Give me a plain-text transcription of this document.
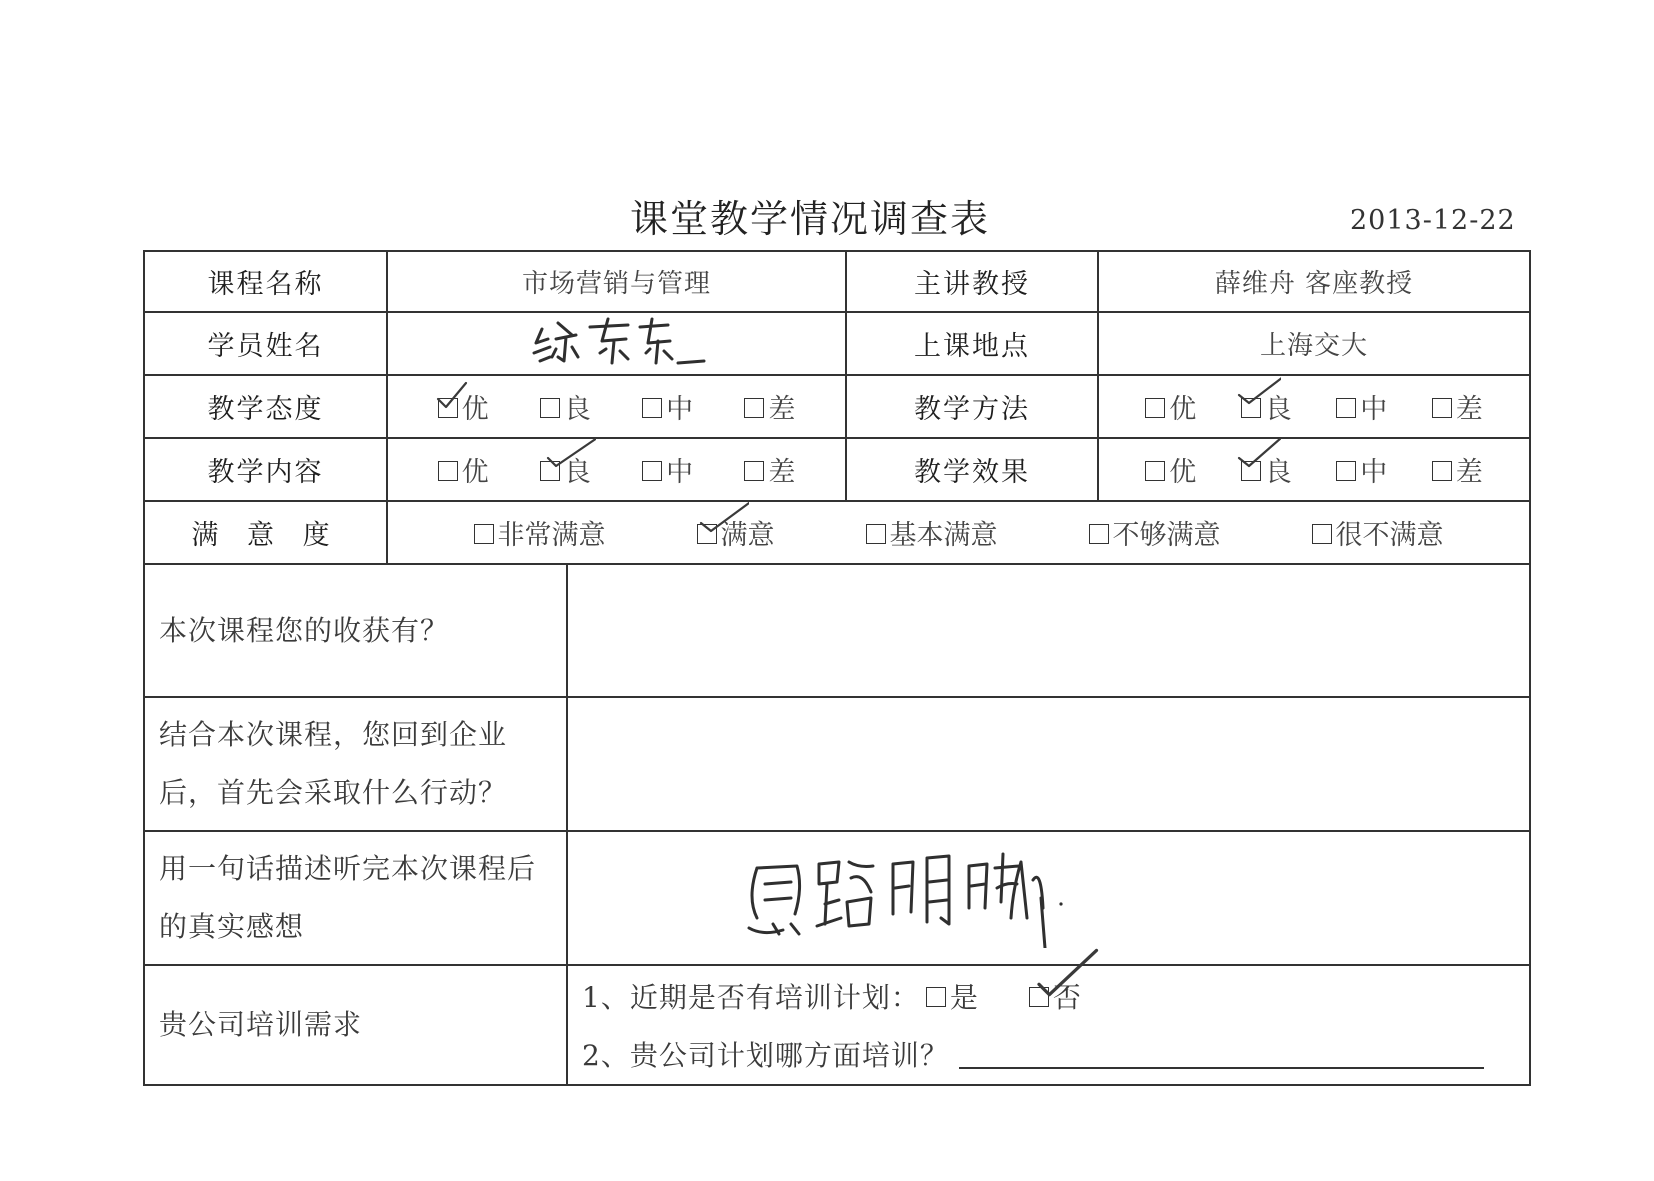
课堂教学情况调查表	2013-12-22
课程名称	市场营销与管理		主讲教授	薛维舟 客座教授
学员姓名			上课地点	上海交大
教学态度	优 良 中 差		教学方法	优 良 中 差

教学内容	优 良 中 差		教学效果	优 良 中 差

满 意 度	非常满意 满意 基本满意 不够满意 很不满意			

本次课程您的收获有？				
结合本次课程，您回到企业后，首先会采取什么行动？				
用一句话描述听完本次课程后的真实感想	

贵公司培训需求		1、近期是否有培训计划： 是 否
2、贵公司计划哪方面培训？		
